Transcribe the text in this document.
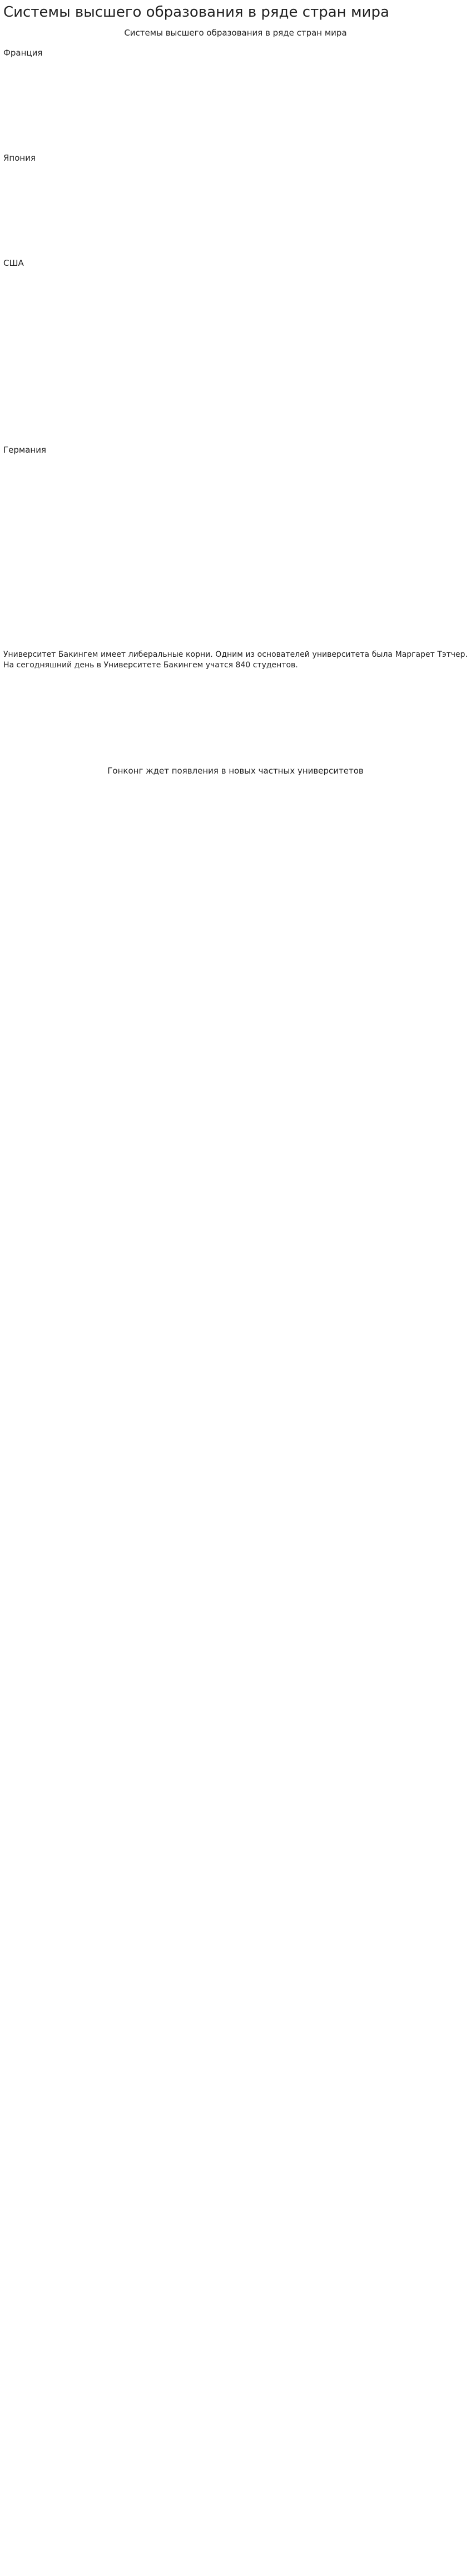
Системы высшего образования в ряде стран мира

Системы высшего образования в ряде стран мира

Франция

Япония

США

Германия

Университет Бакингем имеет либеральные корни. Одним из основателей университета была Маргарет Тэтчер. На сегодняшний день в Университете Бакингем учатся 840 студентов.

Гонконг ждет появления в новых частных университетов
